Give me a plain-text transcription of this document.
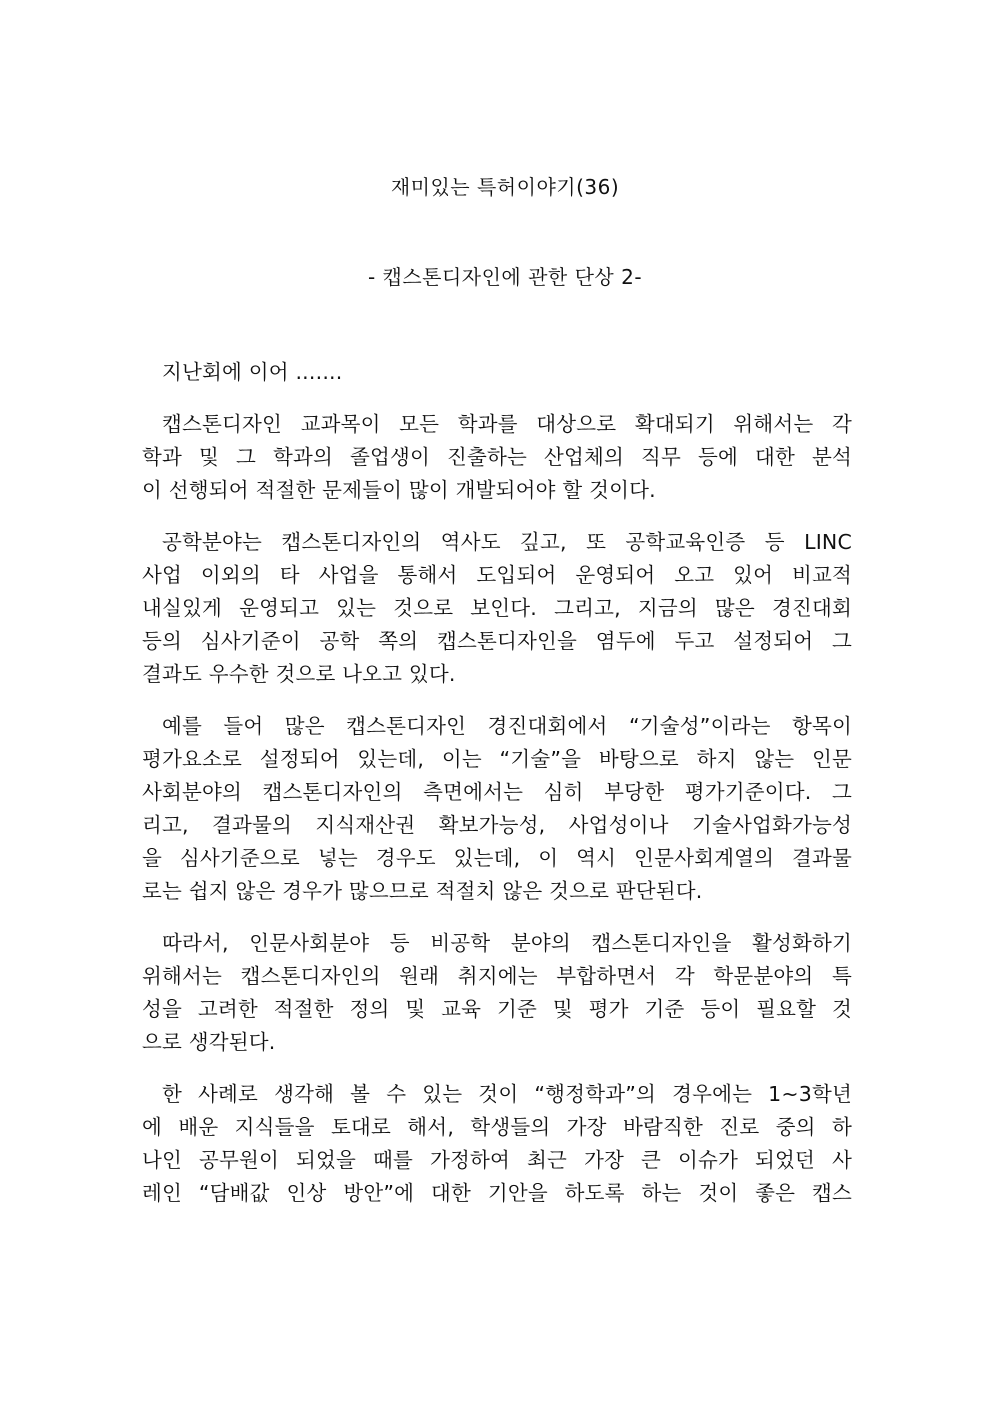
재미있는 특허이야기(36)
- 캡스톤디자인에 관한 단상 2-
지난회에 이어 .......
캡스톤디자인 교과목이 모든 학과를 대상으로 확대되기 위해서는 각
학과 및 그 학과의 졸업생이 진출하는 산업체의 직무 등에 대한 분석
이 선행되어 적절한 문제들이 많이 개발되어야 할 것이다.
공학분야는 캡스톤디자인의 역사도 깊고, 또 공학교육인증 등 LINC
사업 이외의 타 사업을 통해서 도입되어 운영되어 오고 있어 비교적
내실있게 운영되고 있는 것으로 보인다. 그리고, 지금의 많은 경진대회
등의 심사기준이 공학 쪽의 캡스톤디자인을 염두에 두고 설정되어 그
결과도 우수한 것으로 나오고 있다.
예를 들어 많은 캡스톤디자인 경진대회에서 “기술성”이라는 항목이
평가요소로 설정되어 있는데, 이는 “기술”을 바탕으로 하지 않는 인문
사회분야의 캡스톤디자인의 측면에서는 심히 부당한 평가기준이다. 그
리고, 결과물의 지식재산권 확보가능성, 사업성이나 기술사업화가능성
을 심사기준으로 넣는 경우도 있는데, 이 역시 인문사회계열의 결과물
로는 쉽지 않은 경우가 많으므로 적절치 않은 것으로 판단된다.
따라서, 인문사회분야 등 비공학 분야의 캡스톤디자인을 활성화하기
위해서는 캡스톤디자인의 원래 취지에는 부합하면서 각 학문분야의 특
성을 고려한 적절한 정의 및 교육 기준 및 평가 기준 등이 필요할 것
으로 생각된다.
한 사례로 생각해 볼 수 있는 것이 “행정학과”의 경우에는 1~3학년
에 배운 지식들을 토대로 해서, 학생들의 가장 바람직한 진로 중의 하
나인 공무원이 되었을 때를 가정하여 최근 가장 큰 이슈가 되었던 사
레인 “담배값 인상 방안”에 대한 기안을 하도록 하는 것이 좋은 캡스
